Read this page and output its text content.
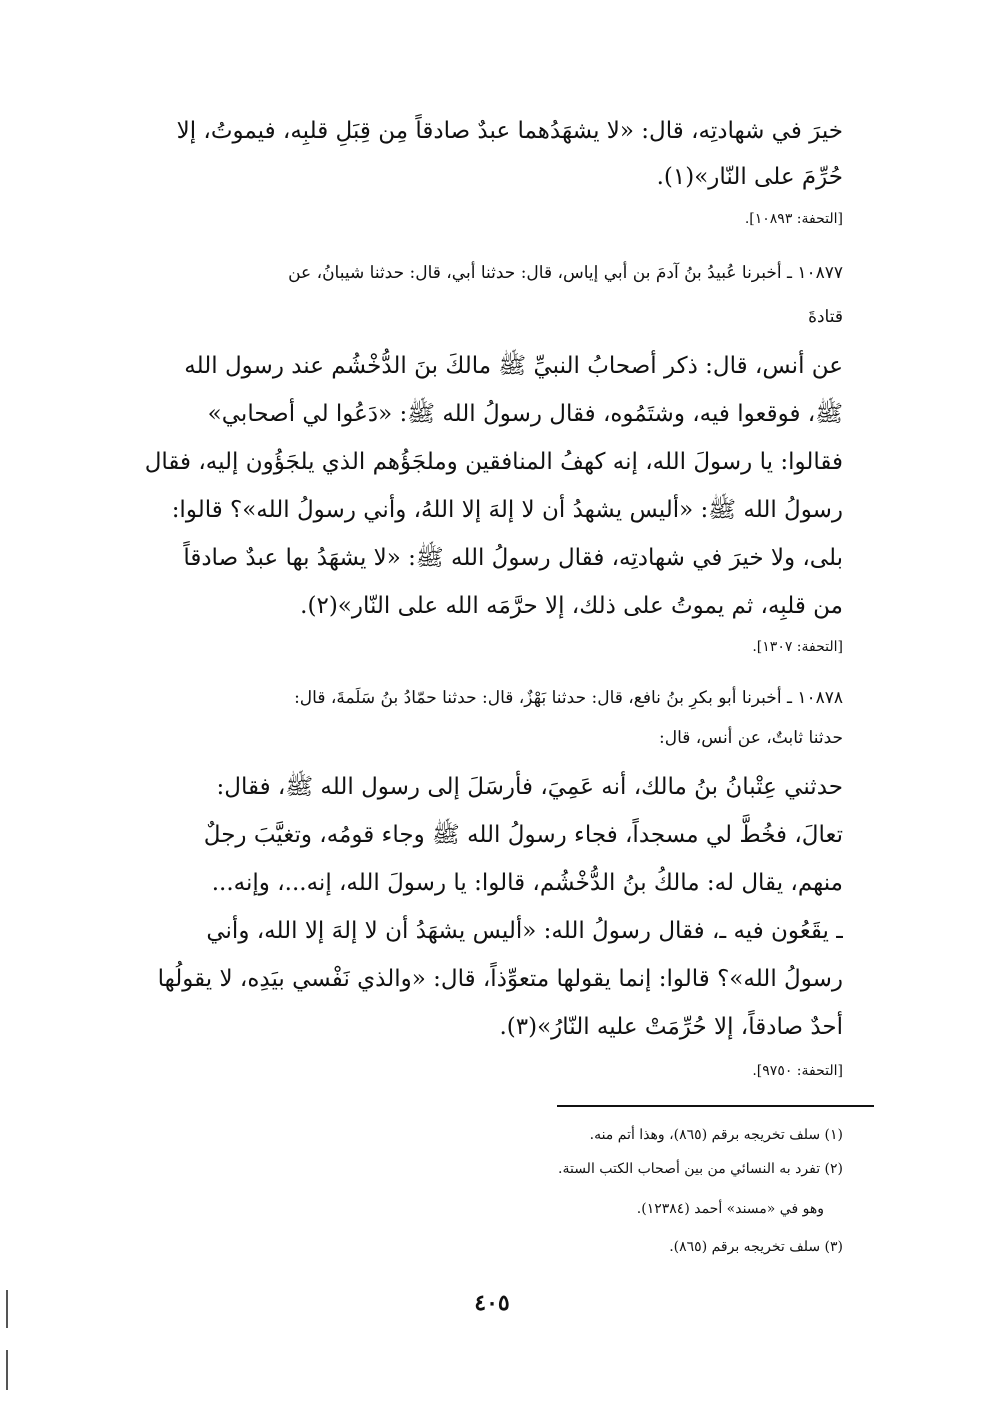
خيرَ في شهادتِه، قال: «لا يشهَدُهما عبدٌ صادقاً مِن قِبَلِ قلبِه، فيموتُ، إلا
حُرِّمَ على النّار»(١).
[التحفة: ١٠٨٩٣].
١٠٨٧٧ ـ أخبرنا عُبيدُ بنُ آدمَ بن أبي إياس، قال: حدثنا أبي، قال: حدثنا شيبانُ، عن
قتادةَ
عن أنس، قال: ذكر أصحابُ النبيِّ ﷺ مالكَ بنَ الدُّخْشُم عند رسول الله
ﷺ، فوقعوا فيه، وشتَمُوه، فقال رسولُ الله ﷺ: «دَعُوا لي أصحابي»
فقالوا: يا رسولَ الله، إنه كهفُ المنافقين وملجَؤُهم الذي يلجَؤُون إليه، فقال
رسولُ الله ﷺ: «أليس يشهدُ أن لا إلهَ إلا اللهُ، وأني رسولُ الله»؟ قالوا:
بلى، ولا خيرَ في شهادتِه، فقال رسولُ الله ﷺ: «لا يشهَدُ بها عبدٌ صادقاً
من قلبِه، ثم يموتُ على ذلك، إلا حرَّمَه الله على النّار»(٢).
[التحفة: ١٣٠٧].
١٠٨٧٨ ـ أخبرنا أبو بكرِ بنُ نافع، قال: حدثنا بَهْزٌ، قال: حدثنا حمّادُ بنُ سَلَمةَ، قال:
حدثنا ثابتٌ، عن أنس، قال:
حدثني عِتْبانُ بنُ مالك، أنه عَمِيَ، فأرسَلَ إلى رسول الله ﷺ، فقال:
تعالَ، فخُطَّ لي مسجداً، فجاء رسولُ الله ﷺ وجاء قومُه، وتغيَّبَ رجلٌ
منهم، يقال له: مالكُ بنُ الدُّخْشُم، قالوا: يا رسولَ الله، إنه...، وإنه...
ـ يقَعُون فيه ـ، فقال رسولُ الله: «أليس يشهَدُ أن لا إلهَ إلا الله، وأني
رسولُ الله»؟ قالوا: إنما يقولها متعوِّذاً، قال: «والذي نَفْسي بيَدِه، لا يقولُها
أحدٌ صادقاً، إلا حُرِّمَتْ عليه النّارُ»(٣).
[التحفة: ٩٧٥٠].
(١) سلف تخريجه برقم (٨٦٥)، وهذا أتم منه.
(٢) تفرد به النسائي من بين أصحاب الكتب الستة.
وهو في «مسند» أحمد (١٢٣٨٤).
(٣) سلف تخريجه برقم (٨٦٥).
٤٠٥
